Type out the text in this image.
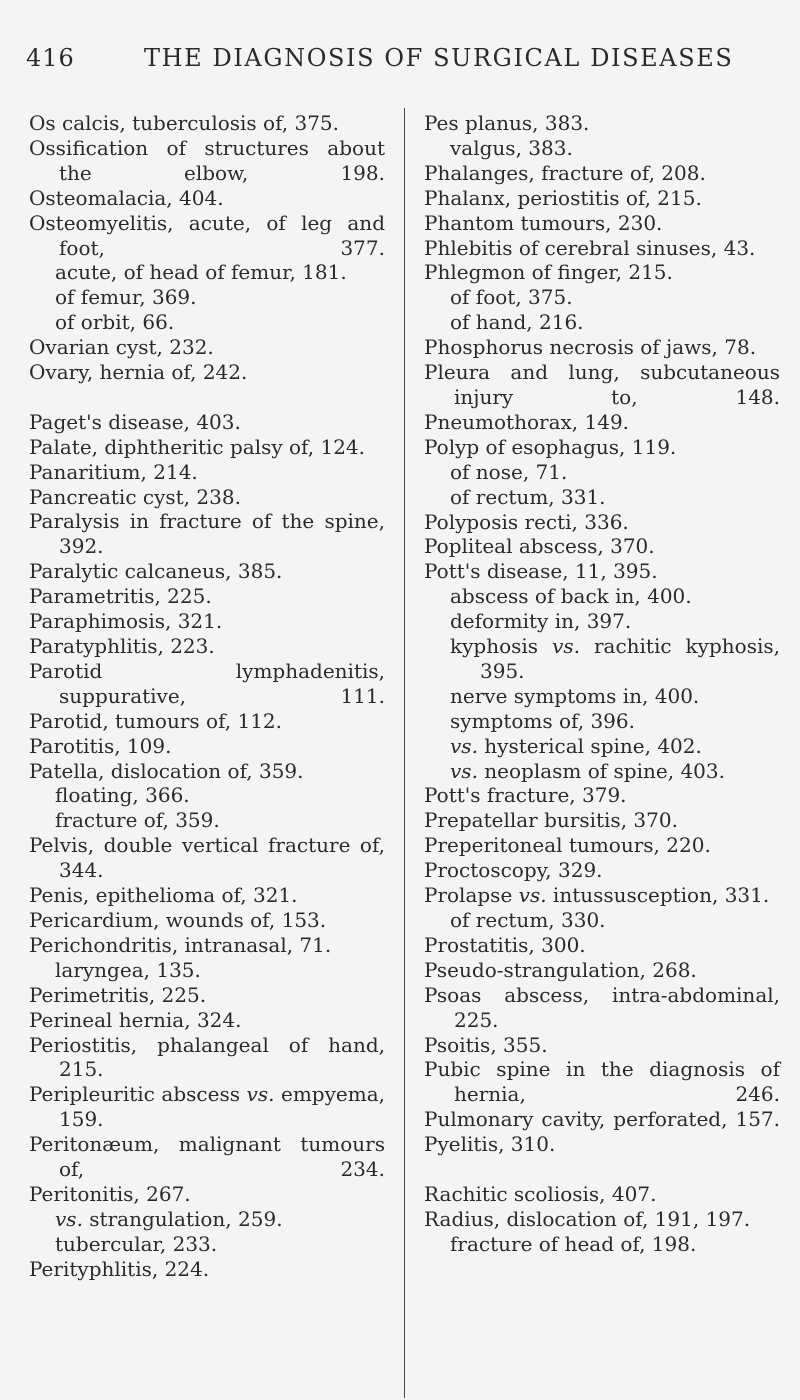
416	THE DIAGNOSIS OF SURGICAL DISEASES
Os calcis, tuberculosis of, 375.
Ossification of structures about the elbow, 198.
Osteomalacia, 404.
Osteomyelitis, acute, of leg and foot, 377.
acute, of head of femur, 181.
of femur, 369.
of orbit, 66.
Ovarian cyst, 232.
Ovary, hernia of, 242.
Paget's disease, 403.
Palate, diphtheritic palsy of, 124.
Panaritium, 214.
Pancreatic cyst, 238.
Paralysis in fracture of the spine, 392.
Paralytic calcaneus, 385.
Parametritis, 225.
Paraphimosis, 321.
Paratyphlitis, 223.
Parotid lymphadenitis, suppurative, 111.
Parotid, tumours of, 112.
Parotitis, 109.
Patella, dislocation of, 359.
floating, 366.
fracture of, 359.
Pelvis, double vertical fracture of, 344.
Penis, epithelioma of, 321.
Pericardium, wounds of, 153.
Perichondritis, intranasal, 71.
laryngea, 135.
Perimetritis, 225.
Perineal hernia, 324.
Periostitis, phalangeal of hand, 215.
Peripleuritic abscess vs. empyema, 159.
Peritonæum, malignant tumours of, 234.
Peritonitis, 267.
vs. strangulation, 259.
tubercular, 233.
Perityphlitis, 224.
Pes planus, 383.
valgus, 383.
Phalanges, fracture of, 208.
Phalanx, periostitis of, 215.
Phantom tumours, 230.
Phlebitis of cerebral sinuses, 43.
Phlegmon of finger, 215.
of foot, 375.
of hand, 216.
Phosphorus necrosis of jaws, 78.
Pleura and lung, subcutaneous injury to, 148.
Pneumothorax, 149.
Polyp of esophagus, 119.
of nose, 71.
of rectum, 331.
Polyposis recti, 336.
Popliteal abscess, 370.
Pott's disease, 11, 395.
abscess of back in, 400.
deformity in, 397.
kyphosis vs. rachitic kyphosis, 395.
nerve symptoms in, 400.
symptoms of, 396.
vs. hysterical spine, 402.
vs. neoplasm of spine, 403.
Pott's fracture, 379.
Prepatellar bursitis, 370.
Preperitoneal tumours, 220.
Proctoscopy, 329.
Prolapse vs. intussusception, 331.
of rectum, 330.
Prostatitis, 300.
Pseudo-strangulation, 268.
Psoas abscess, intra-abdominal, 225.
Psoitis, 355.
Pubic spine in the diagnosis of hernia, 246.
Pulmonary cavity, perforated, 157.
Pyelitis, 310.
Rachitic scoliosis, 407.
Radius, dislocation of, 191, 197.
fracture of head of, 198.
